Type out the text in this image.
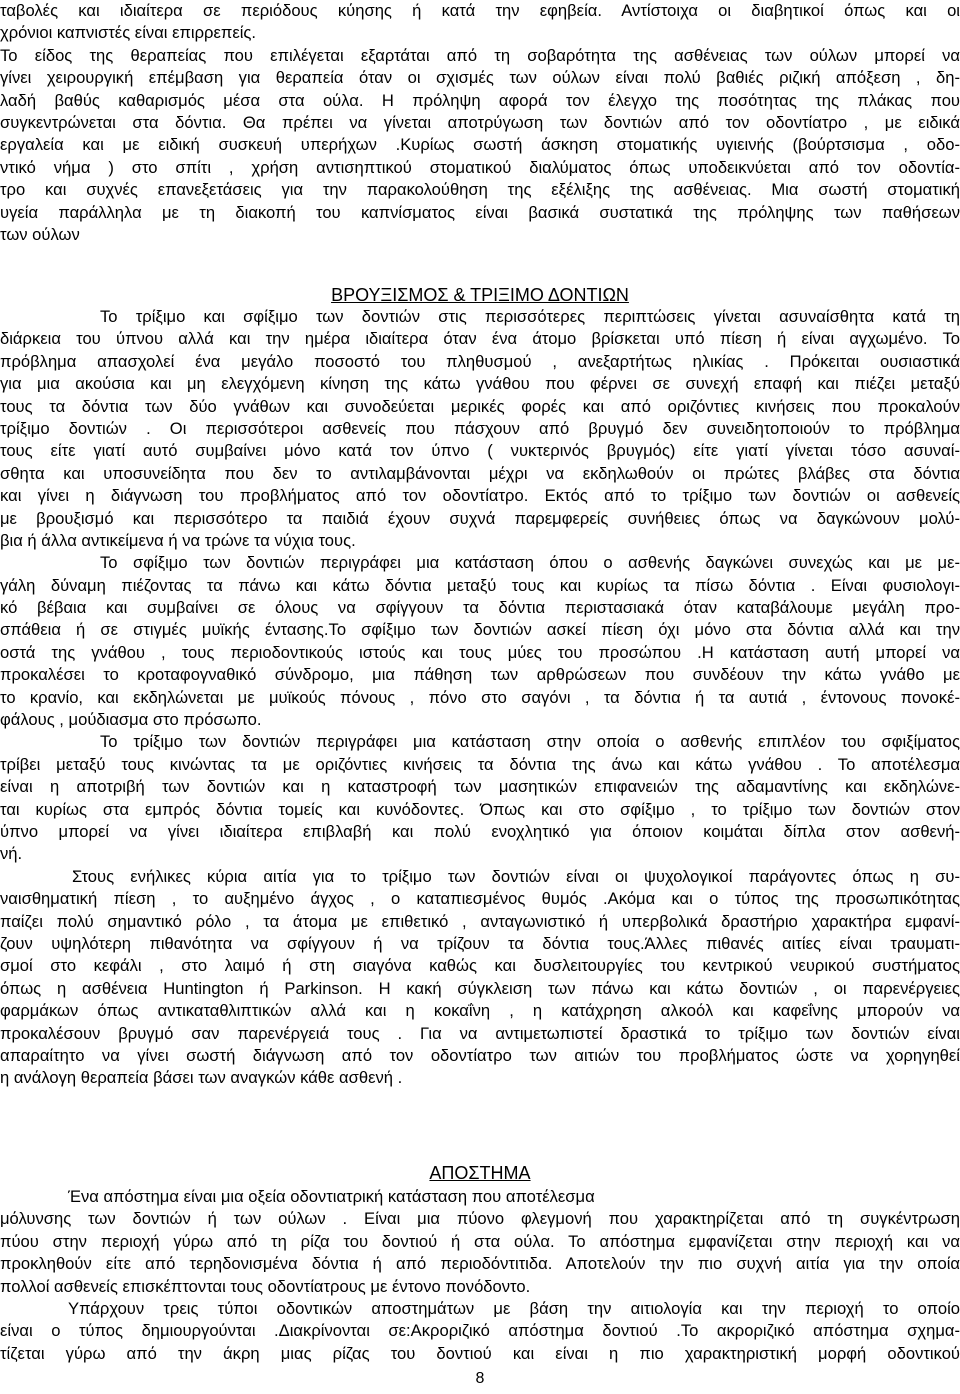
ταβολές και ιδιαίτερα σε περιόδους κύησης ή κατά την εφηβεία. Αντίστοιχα οι διαβητικοί όπως και οι
χρόνιοι καπνιστές είναι επιρρεπείς.
Το είδος της θεραπείας που επιλέγεται εξαρτάται από τη σοβαρότητα της ασθένειας των ούλων μπορεί να
γίνει χειρουργική επέμβαση για θεραπεία όταν οι σχισμές των ούλων είναι πολύ βαθιές ριζική απόξεση , δη-
λαδή βαθύς καθαρισμός μέσα στα ούλα. Η πρόληψη αφορά τον έλεγχο της ποσότητας της πλάκας που
συγκεντρώνεται στα δόντια. Θα πρέπει να γίνεται αποτρύγωση των δοντιών από τον οδοντίατρο , με ειδικά
εργαλεία και με ειδική συσκευή υπερήχων .Κυρίως σωστή άσκηση στοματικής υγιεινής (βούρτσισμα , οδο-
ντικό νήμα ) στο σπίτι , χρήση αντισηπτικού στοματικού διαλύματος όπως υποδεικνύεται από τον οδοντία-
τρο και συχνές επανεξετάσεις για την παρακολούθηση της εξέλιξης της ασθένειας. Μια σωστή στοματική
υγεία παράλληλα με τη διακοπή του καπνίσματος είναι βασικά συστατικά της πρόληψης των παθήσεων
των ούλων
ΒΡΟΥΞΙΣΜΟΣ & ΤΡΙΞΙΜΟ ΔΟΝΤΙΩΝ
Το τρίξιμο και σφίξιμο των δοντιών στις περισσότερες περιπτώσεις γίνεται ασυναίσθητα κατά τη
διάρκεια του ύπνου αλλά και την ημέρα ιδιαίτερα όταν ένα άτομο βρίσκεται υπό πίεση ή είναι αγχωμένο. Το
πρόβλημα απασχολεί ένα μεγάλο ποσοστό του πληθυσμού , ανεξαρτήτως ηλικίας . Πρόκειται ουσιαστικά
για μια ακούσια και μη ελεγχόμενη κίνηση της κάτω γνάθου που φέρνει σε συνεχή επαφή και πιέζει μεταξύ
τους τα δόντια των δύο γνάθων και συνοδεύεται μερικές φορές και από οριζόντιες κινήσεις που προκαλούν
τρίξιμο δοντιών . Οι περισσότεροι ασθενείς που πάσχουν από βρυγμό δεν συνειδητοποιούν το πρόβλημα
τους είτε γιατί αυτό συμβαίνει μόνο κατά τον ύπνο ( νυκτερινός βρυγμός) είτε γιατί γίνεται τόσο ασυναί-
σθητα και υποσυνείδητα που δεν το αντιλαμβάνονται μέχρι να εκδηλωθούν οι πρώτες βλάβες στα δόντια
και γίνει η διάγνωση του προβλήματος από τον οδοντίατρο. Εκτός από το τρίξιμο των δοντιών οι ασθενείς
με βρουξισμό και περισσότερο τα παιδιά έχουν συχνά παρεμφερείς συνήθειες όπως να δαγκώνουν μολύ-
βια ή άλλα αντικείμενα ή να τρώνε τα νύχια τους.
Το σφίξιμο των δοντιών περιγράφει μια κατάσταση όπου ο ασθενής δαγκώνει συνεχώς και με με-
γάλη δύναμη πιέζοντας τα πάνω και κάτω δόντια μεταξύ τους και κυρίως τα πίσω δόντια . Είναι φυσιολογι-
κό βέβαια και συμβαίνει σε όλους να σφίγγουν τα δόντια περιστασιακά όταν καταβάλουμε μεγάλη προ-
σπάθεια ή σε στιγμές μυϊκής έντασης.Το σφίξιμο των δοντιών ασκεί πίεση όχι μόνο στα δόντια αλλά και την
οστά της γνάθου , τους περιοδοντικούς ιστούς και τους μύες του προσώπου .Η κατάσταση αυτή μπορεί να
προκαλέσει το κροταφογναθικό σύνδρομο, μια πάθηση των αρθρώσεων που συνδέουν την κάτω γνάθο με
το κρανίο, και εκδηλώνεται με μυϊκούς πόνους , πόνο στο σαγόνι , τα δόντια ή τα αυτιά , έντονους πονοκέ-
φάλους , μούδιασμα στο πρόσωπο.
Το τρίξιμο των δοντιών περιγράφει μια κατάσταση στην οποία ο ασθενής επιπλέον του σφιξίματος
τρίβει μεταξύ τους κινώντας τα με οριζόντιες κινήσεις τα δόντια της άνω και κάτω γνάθου . Το αποτέλεσμα
είναι η αποτριβή των δοντιών και η καταστροφή των μασητικών επιφανειών της αδαμαντίνης και εκδηλώνε-
ται κυρίως στα εμπρός δόντια τομείς και κυνόδοντες. Όπως και στο σφίξιμο , το τρίξιμο των δοντιών στον
ύπνο μπορεί να γίνει ιδιαίτερα επιβλαβή και πολύ ενοχλητικό για όποιον κοιμάται δίπλα στον ασθενή-
νή.
Στους ενήλικες κύρια αιτία για το τρίξιμο των δοντιών είναι οι ψυχολογικοί παράγοντες όπως η συ-
ναισθηματική πίεση , το αυξημένο άγχος , ο καταπιεσμένος θυμός .Ακόμα και ο τύπος της προσωπικότητας
παίζει πολύ σημαντικό ρόλο , τα άτομα με επιθετικό , ανταγωνιστικό ή υπερβολικά δραστήριο χαρακτήρα εμφανί-
ζουν υψηλότερη πιθανότητα να σφίγγουν ή να τρίζουν τα δόντια τους.Άλλες πιθανές αιτίες είναι τραυματι-
σμοί στο κεφάλι , στο λαιμό ή στη σιαγόνα καθώς και δυσλειτουργίες του κεντρικού νευρικού συστήματος
όπως η ασθένεια Huntington ή Parkinson. Η κακή σύγκλειση των πάνω και κάτω δοντιών , οι παρενέργειες
φαρμάκων όπως αντικαταθλιπτικών αλλά και η κοκαΐνη , η κατάχρηση αλκοόλ και καφεΐνης μπορούν να
προκαλέσουν βρυγμό σαν παρενέργειά τους . Για να αντιμετωπιστεί δραστικά το τρίξιμο των δοντιών είναι
απαραίτητο να γίνει σωστή διάγνωση από τον οδοντίατρο των αιτιών του προβλήματος ώστε να χορηγηθεί
η ανάλογη θεραπεία βάσει των αναγκών κάθε ασθενή .
ΑΠΟΣΤΗΜΑ
Ένα απόστημα είναι μια οξεία οδοντιατρική κατάσταση που αποτέλεσμα
μόλυνσης των δοντιών ή των ούλων . Είναι μια πύονο φλεγμονή που χαρακτηρίζεται από τη συγκέντρωση
πύου στην περιοχή γύρω από τη ρίζα του δοντιού ή στα ούλα. Το απόστημα εμφανίζεται στην περιοχή και να
προκληθούν είτε από τερηδονισμένα δόντια ή από περιοδόντιτιδα. Αποτελούν την πιο συχνή αιτία για την οποία
πολλοί ασθενείς επισκέπτονται τους οδοντίατρους με έντονο πονόδοντο.
Υπάρχουν τρεις τύποι οδοντικών αποστημάτων με βάση την αιτιολογία και την περιοχή το οποίο
είναι ο τύπος δημιουργούνται .Διακρίνονται σε:Ακροριζικό απόστημα δοντιού .Το ακροριζικό απόστημα σχημα-
τίζεται γύρω από την άκρη μιας ρίζας του δοντιού και είναι η πιο χαρακτηριστική μορφή οδοντικού
8
